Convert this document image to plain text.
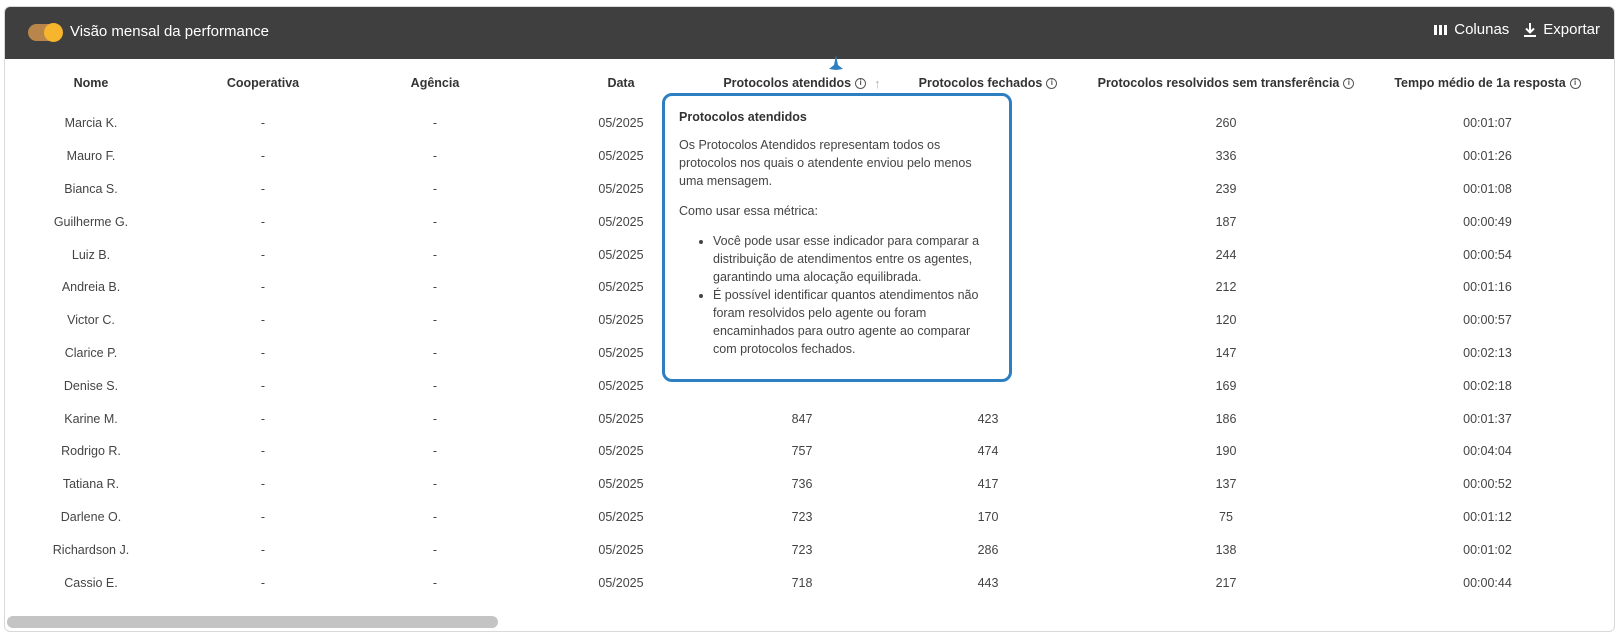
Visão mensal da performance	Colunas Exportar
Nome	Cooperativa	Agência	Data	Protocolos atendidos i ↑	Protocolos fechados i	Protocolos resolvidos sem transferência i	Tempo médio de 1a resposta i

Marcia K.	-	-	05/2025			260	00:01:07
Mauro F.	-	-	05/2025			336	00:01:26
Bianca S.	-	-	05/2025			239	00:01:08
Guilherme G.	-	-	05/2025			187	00:00:49
Luiz B.	-	-	05/2025			244	00:00:54
Andreia B.	-	-	05/2025			212	00:01:16
Victor C.	-	-	05/2025			120	00:00:57
Clarice P.	-	-	05/2025			147	00:02:13
Denise S.	-	-	05/2025			169	00:02:18
Karine M.	-	-	05/2025	847	423	186	00:01:37
Rodrigo R.	-	-	05/2025	757	474	190	00:04:04
Tatiana R.	-	-	05/2025	736	417	137	00:00:52
Darlene O.	-	-	05/2025	723	170	75	00:01:12
Richardson J.	-	-	05/2025	723	286	138	00:01:02
Cassio E.	-	-	05/2025	718	443	217	00:00:44
Protocolos atendidos

Os Protocolos Atendidos representam todos os protocolos nos quais o atendente enviou pelo menos uma mensagem.

Como usar essa métrica:

• Você pode usar esse indicador para comparar a distribuição de atendimentos entre os agentes, garantindo uma alocação equilibrada.
• É possível identificar quantos atendimentos não foram resolvidos pelo agente ou foram encaminhados para outro agente ao comparar com protocolos fechados.
